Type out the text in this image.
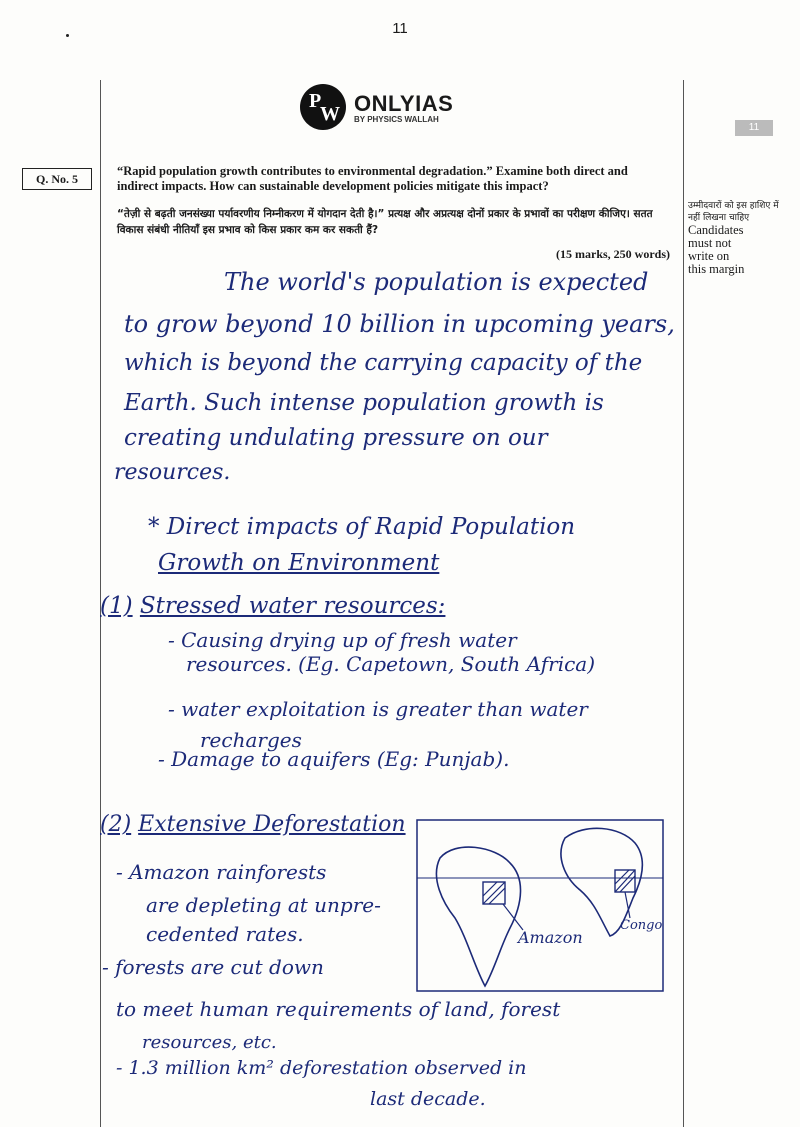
11
P
W ONLYIAS
BY PHYSICS WALLAH
11
Q. No. 5
“Rapid population growth contributes to environmental degradation.” Examine both direct and indirect impacts. How can sustainable development policies mitigate this impact?
“तेज़ी से बढ़ती जनसंख्या पर्यावरणीय निम्नीकरण में योगदान देती है।” प्रत्यक्ष और अप्रत्यक्ष दोनों प्रकार के प्रभावों का परीक्षण कीजिए। सतत विकास संबंधी नीतियाँ इस प्रभाव को किस प्रकार कम कर सकती हैं?
(15 marks, 250 words)
उम्मीदवारों को इस हाशिए में नहीं लिखना चाहिए
Candidates
must not
write on
this margin
The world's population is expected
to grow beyond 10 billion in upcoming years,
which is beyond the carrying capacity of the
Earth. Such intense population growth is
creating undulating pressure on our
resources.
* Direct impacts of Rapid Population
Growth on Environment
(1) Stressed water resources:
- Causing drying up of fresh water
resources. (Eg. Capetown, South Africa)
- water exploitation is greater than water
recharges
- Damage to aquifers (Eg: Punjab).
(2) Extensive Deforestation
- Amazon rainforests
are depleting at unpre-
cedented rates.
- forests are cut down
to meet human requirements of land, forest
resources, etc.
- 1.3 million km² deforestation observed in
last decade.
Amazon
Congo
